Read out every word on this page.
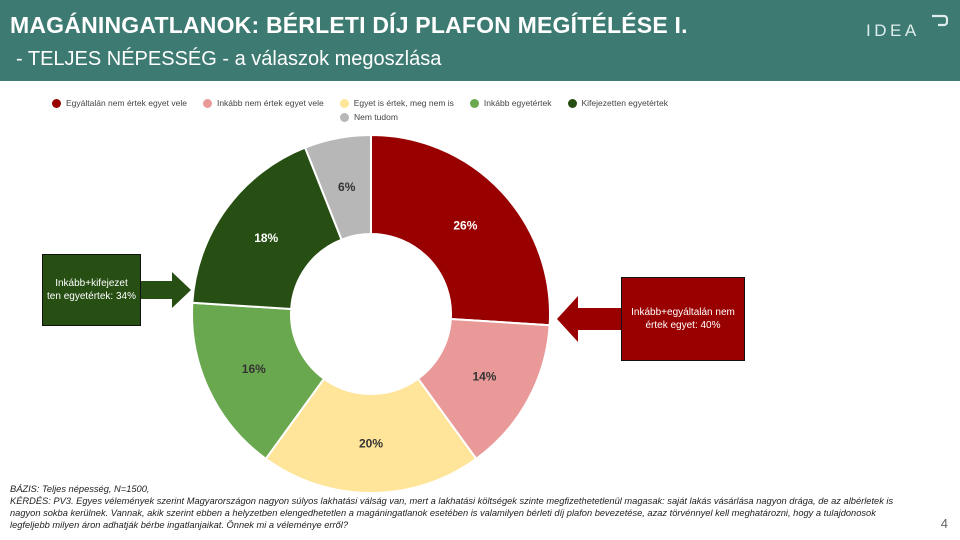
MAGÁNINGATLANOK: BÉRLETI DÍJ PLAFON MEGÍTÉLÉSE I.
- TELJES NÉPESSÉG - a válaszok megoszlása
IDEA
Egyáltalán nem értek egyet vele	Inkább nem értek egyet vele	Egyet is értek, meg nem is	Inkább egyetértek	Kifejezetten egyetértek
Nem tudom
26%
14%
20%
16%
18%
6%
Inkább+kifejezet ten egyetértek: 34%
Inkább+egyáltalán nem értek egyet: 40%
BÁZIS: Teljes népesség, N=1500,
KÉRDÉS: PV3. Egyes vélemények szerint Magyarországon nagyon súlyos lakhatási válság van, mert a lakhatási költségek szinte megfizethetetlenül magasak: saját lakás vásárlása nagyon drága, de az albérletek is nagyon sokba kerülnek. Vannak, akik szerint ebben a helyzetben elengedhetetlen a magáningatlanok esetében is valamilyen bérleti díj plafon bevezetése, azaz törvénnyel kell meghatározni, hogy a tulajdonosok legfeljebb milyen áron adhatják bérbe ingatlanjaikat. Önnek mi a véleménye erről?	4
